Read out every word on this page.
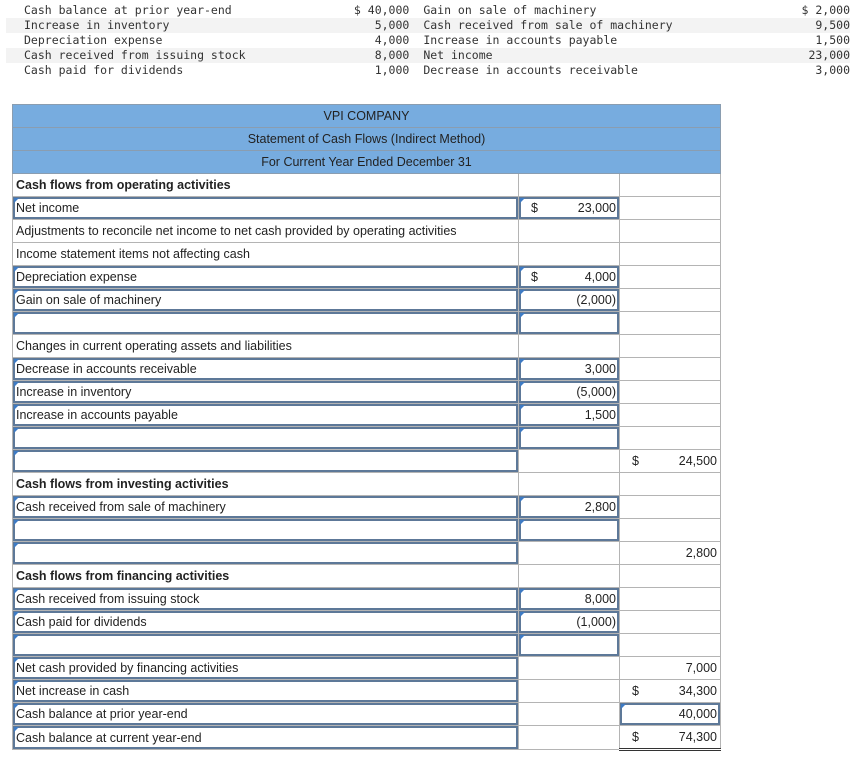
Cash balance at prior year-end	$ 40,000	Gain on sale of machinery	$ 2,000
Increase in inventory	5,000	Cash received from sale of machinery	9,500
Depreciation expense	4,000	Increase in accounts payable	1,500
Cash received from issuing stock	8,000	Net income	23,000
Cash paid for dividends	1,000	Decrease in accounts receivable	3,000
VPI COMPANY		
Statement of Cash Flows (Indirect Method)		
For Current Year Ended December 31		
Cash flows from operating activities		
Net income	$ 23,000	

Adjustments to reconcile net income to net cash provided by operating activities		
Income statement items not affecting cash		
Depreciation expense	$ 4,000	

Gain on sale of machinery	(2,000)	

Changes in current operating assets and liabilities		
Decrease in accounts receivable	3,000	

Increase in inventory	(5,000)	

Increase in accounts payable	1,500	

		$ 24,500

Cash flows from investing activities		
Cash received from sale of machinery	2,800	

		2,800

Cash flows from financing activities		
Cash received from issuing stock	8,000	

Cash paid for dividends	(1,000)	

Net cash provided by financing activities		7,000

Net increase in cash		$ 34,300

Cash balance at prior year-end		40,000

Cash balance at current year-end		$ 74,300
